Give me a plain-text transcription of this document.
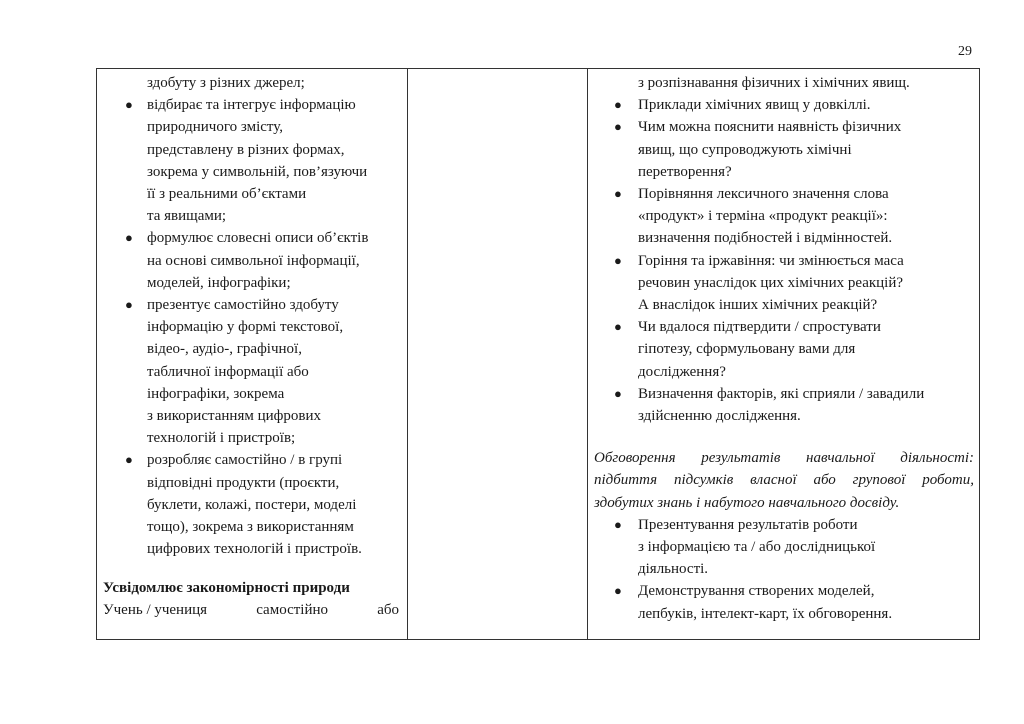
29
здобуту з різних джерел;
● відбирає та інтегрує інформацію
природничого змісту,
представлену в різних формах,
зокрема у символьній, пов’язуючи
її з реальними об’єктами
та явищами;
● формулює словесні описи об’єктів
на основі символьної інформації,
моделей, інфографіки;
● презентує самостійно здобуту
інформацію у формі текстової,
відео-, аудіо-, графічної,
табличної інформації або
інфографіки, зокрема
з використанням цифрових
технологій і пристроїв;
● розробляє самостійно / в групі
відповідні продукти (проєкти,
буклети, колажі, постери, моделі
тощо), зокрема з використанням
цифрових технологій і пристроїв.
Усвідомлює закономірності природи
Учень / учениця	самостійно	або
з розпізнавання фізичних і хімічних явищ.
● Приклади хімічних явищ у довкіллі.
● Чим можна пояснити наявність фізичних
явищ, що супроводжують хімічні
перетворення?
● Порівняння лексичного значення слова
«продукт» і терміна «продукт реакції»:
визначення подібностей і відмінностей.
● Горіння та іржавіння: чи змінюється маса
речовин унаслідок цих хімічних реакцій?
А внаслідок інших хімічних реакцій?
● Чи вдалося підтвердити / спростувати
гіпотезу, сформульовану вами для
дослідження?
● Визначення факторів, які сприяли / завадили
здійсненню дослідження.
Обговорення результатів навчальної діяльності:
підбиття підсумків власної або групової роботи,
здобутих знань і набутого навчального досвіду.
● Презентування результатів роботи
з інформацією та / або дослідницької
діяльності.
● Демонстрування створених моделей,
лепбуків, інтелект-карт, їх обговорення.
